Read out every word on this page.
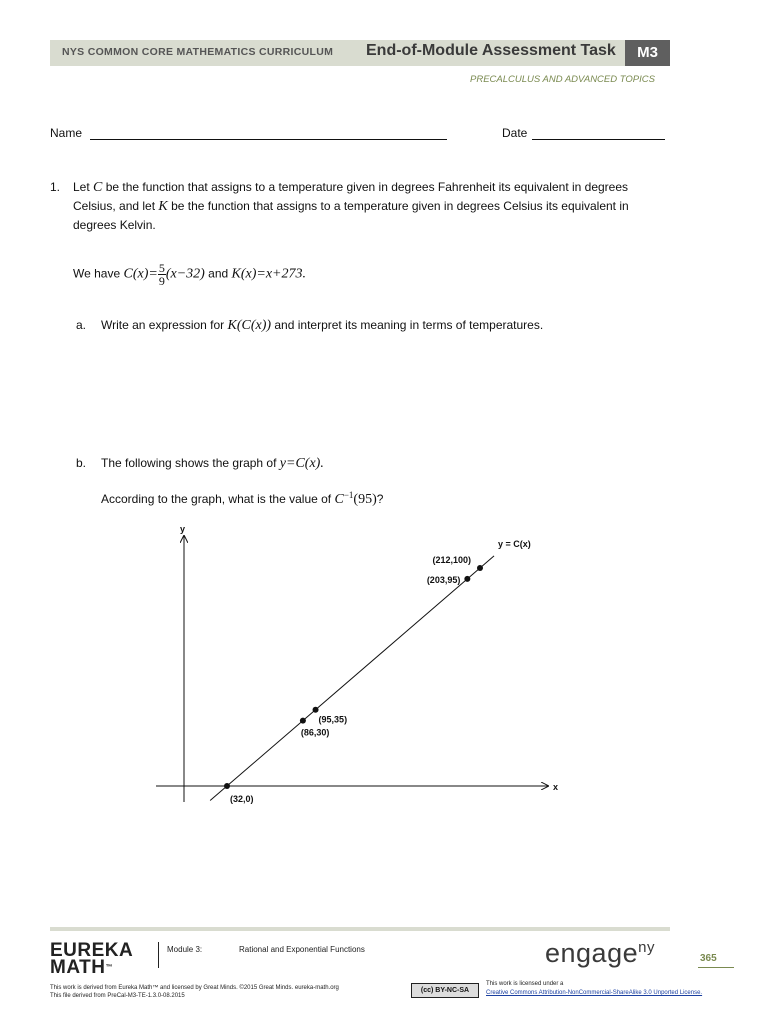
NYS COMMON CORE MATHEMATICS CURRICULUM End-of-Module Assessment Task	M3
PRECALCULUS AND ADVANCED TOPICS
Name	Date
1. Let C be the function that assigns to a temperature given in degrees Fahrenheit its equivalent in degrees
Celsius, and let K be the function that assigns to a temperature given in degrees Celsius its equivalent in
degrees Kelvin.
We have $C(x)= \frac{5}{9} (x-32)$ and K(x)=x+273.
a. Write an expression for K(C(x)) and interpret its meaning in terms of temperatures.
b. The following shows the graph of y=C(x).
According to the graph, what is the value of $C^{-1}(95)$?
x
y
y = C(x)
(32,0)
(86,30)
(95,35)
(203,95)
(212,100)
EUREKA
MATH™
Module 3:	Rational and Exponential Functions
This work is derived from Eureka Math™ and licensed by Great Minds. ©2015 Great Minds. eureka-math.org
This file derived from PreCal-M3-TE-1.3.0-08.2015
(cc) BY-NC-SA
This work is licensed under a
Creative Commons Attribution-NonCommercial-ShareAlike 3.0 Unported License.
engage$^{ny}$
365
